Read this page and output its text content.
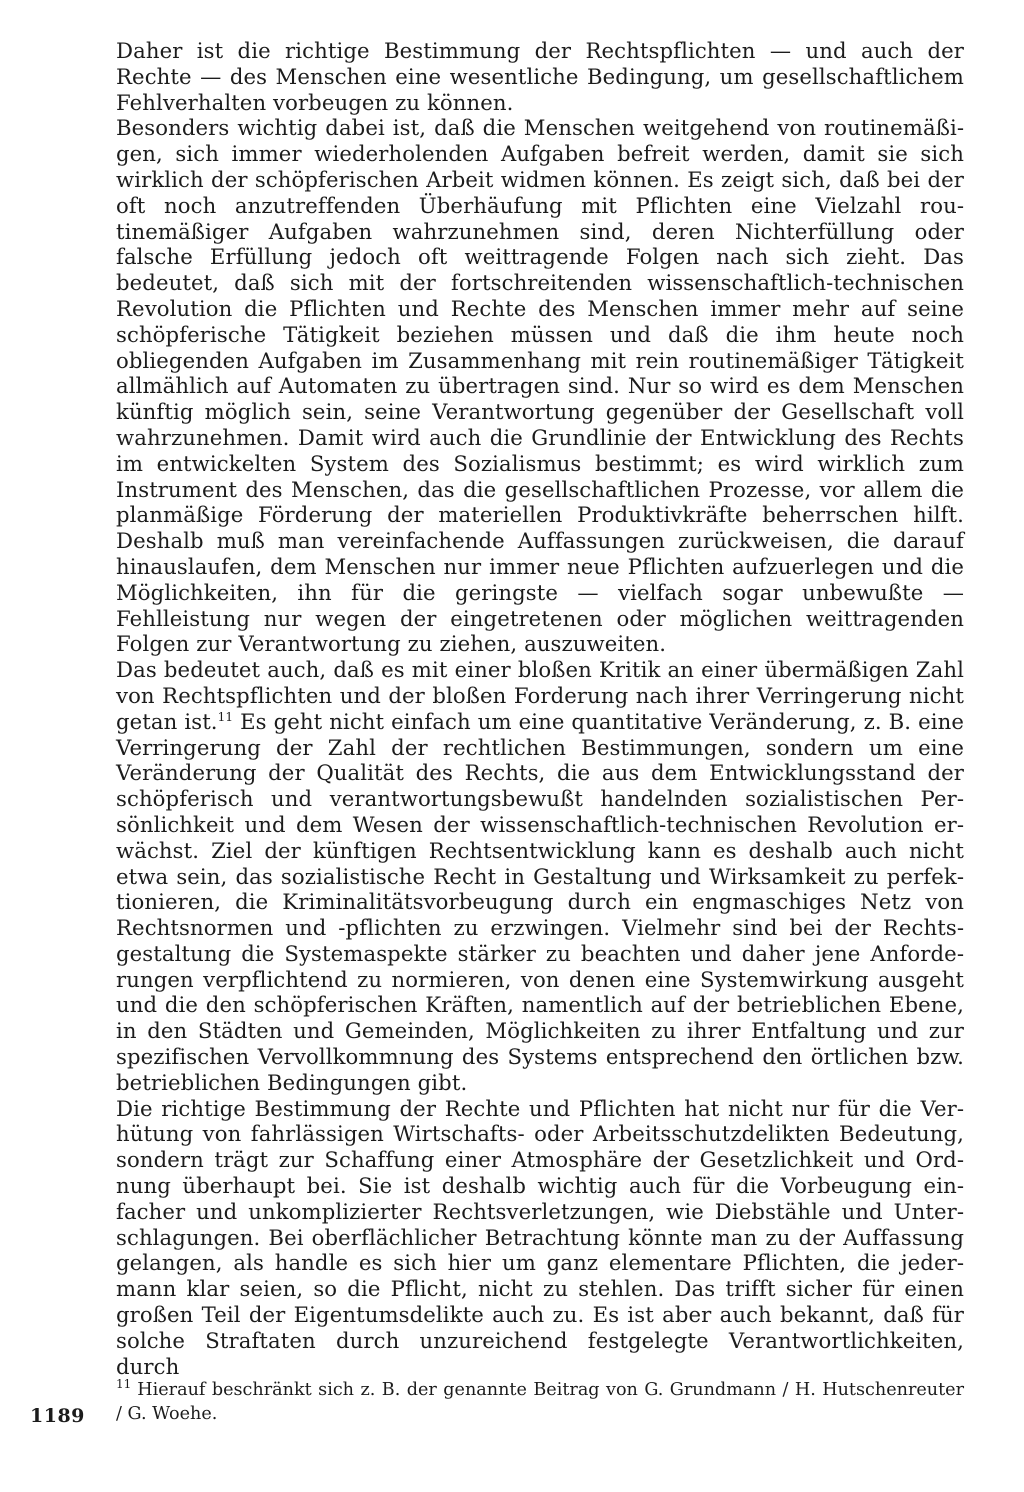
Daher ist die richtige Bestimmung der Rechtspflichten — und auch der Rechte — des Menschen eine wesentliche Bedingung, um gesellschaftlichem Fehlverhalten vorbeugen zu können.

Besonders wichtig dabei ist, daß die Menschen weitgehend von routinemäßigen, sich immer wiederholenden Aufgaben befreit werden, damit sie sich wirklich der schöpferischen Arbeit widmen können. Es zeigt sich, daß bei der oft noch anzutreffenden Überhäufung mit Pflichten eine Vielzahl routinemäßiger Aufgaben wahrzunehmen sind, deren Nichterfüllung oder falsche Erfüllung jedoch oft weittragende Folgen nach sich zieht. Das bedeutet, daß sich mit der fortschreitenden wissenschaftlich-technischen Revolution die Pflichten und Rechte des Menschen immer mehr auf seine schöpferische Tätigkeit beziehen müssen und daß die ihm heute noch obliegenden Aufgaben im Zusammenhang mit rein routinemäßiger Tätigkeit allmählich auf Automaten zu übertragen sind. Nur so wird es dem Menschen künftig möglich sein, seine Verantwortung gegenüber der Gesellschaft voll wahrzunehmen. Damit wird auch die Grundlinie der Entwicklung des Rechts im entwickelten System des Sozialismus bestimmt; es wird wirklich zum Instrument des Menschen, das die gesellschaftlichen Prozesse, vor allem die planmäßige Förderung der materiellen Produktivkräfte beherrschen hilft. Deshalb muß man vereinfachende Auffassungen zurückweisen, die darauf hinauslaufen, dem Menschen nur immer neue Pflichten aufzuerlegen und die Möglichkeiten, ihn für die geringste — vielfach sogar unbewußte — Fehlleistung nur wegen der eingetretenen oder möglichen weittragenden Folgen zur Verantwortung zu ziehen, auszuweiten.

Das bedeutet auch, daß es mit einer bloßen Kritik an einer übermäßigen Zahl von Rechtspflichten und der bloßen Forderung nach ihrer Verringerung nicht getan ist.$^{11}$ Es geht nicht einfach um eine quantitative Veränderung, z. B. eine Verringerung der Zahl der rechtlichen Bestimmungen, sondern um eine Veränderung der Qualität des Rechts, die aus dem Entwicklungsstand der schöpferisch und verantwortungsbewußt handelnden sozialistischen Persönlichkeit und dem Wesen der wissenschaftlich-technischen Revolution erwächst. Ziel der künftigen Rechtsentwicklung kann es deshalb auch nicht etwa sein, das sozialistische Recht in Gestaltung und Wirksamkeit zu perfektionieren, die Kriminalitätsvorbeugung durch ein engmaschiges Netz von Rechtsnormen und -pflichten zu erzwingen. Vielmehr sind bei der Rechtsgestaltung die Systemaspekte stärker zu beachten und daher jene Anforderungen verpflichtend zu normieren, von denen eine Systemwirkung ausgeht und die den schöpferischen Kräften, namentlich auf der betrieblichen Ebene, in den Städten und Gemeinden, Möglichkeiten zu ihrer Entfaltung und zur spezifischen Vervollkommnung des Systems entsprechend den örtlichen bzw. betrieblichen Bedingungen gibt.

Die richtige Bestimmung der Rechte und Pflichten hat nicht nur für die Verhütung von fahrlässigen Wirtschafts- oder Arbeitsschutzdelikten Bedeutung, sondern trägt zur Schaffung einer Atmosphäre der Gesetzlichkeit und Ordnung überhaupt bei. Sie ist deshalb wichtig auch für die Vorbeugung einfacher und unkomplizierter Rechtsverletzungen, wie Diebstähle und Unterschlagungen. Bei oberflächlicher Betrachtung könnte man zu der Auffassung gelangen, als handle es sich hier um ganz elementare Pflichten, die jedermann klar seien, so die Pflicht, nicht zu stehlen. Das trifft sicher für einen großen Teil der Eigentumsdelikte auch zu. Es ist aber auch bekannt, daß für solche Straftaten durch unzureichend festgelegte Verantwortlichkeiten, durch

$^{11}$ Hierauf beschränkt sich z. B. der genannte Beitrag von G. Grundmann / H. Hutschenreuter / G. Woehe.

1189
